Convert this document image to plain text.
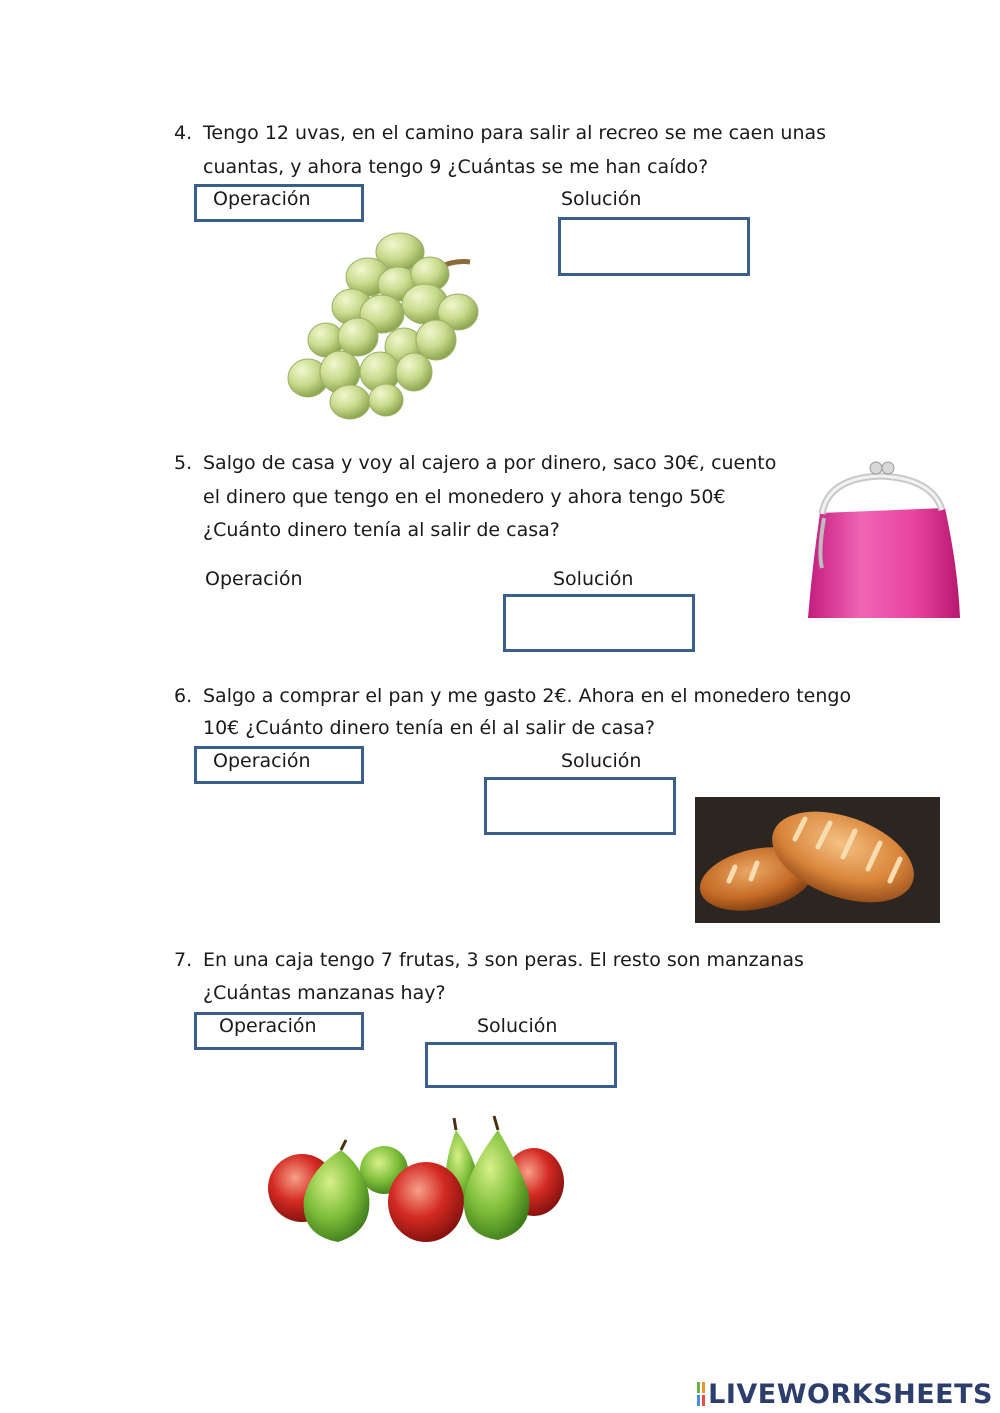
4. Tengo 12 uvas, en el camino para salir al recreo se me caen unas
cuantas, y ahora tengo 9 ¿Cuántas se me han caído?
Operación	Solución
5. Salgo de casa y voy al cajero a por dinero, saco 30€, cuento
el dinero que tengo en el monedero y ahora tengo 50€
¿Cuánto dinero tenía al salir de casa?
Operación	Solución
6. Salgo a comprar el pan y me gasto 2€. Ahora en el monedero tengo
10€ ¿Cuánto dinero tenía en él al salir de casa?
Operación	Solución
7. En una caja tengo 7 frutas, 3 son peras. El resto son manzanas
¿Cuántas manzanas hay?
Operación	Solución
LIVEWORKSHEETS
